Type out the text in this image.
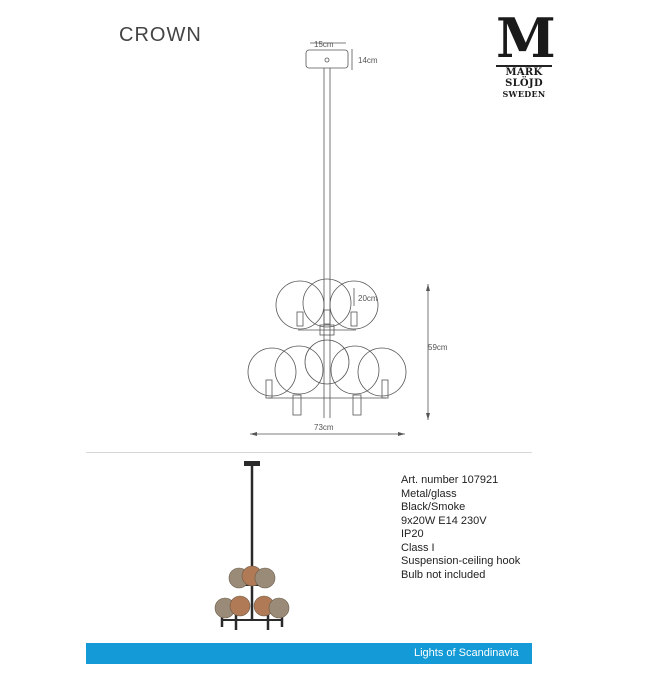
CROWN	M
MARK
SLÖJD
SWEDEN
15cm
14cm
20cm
59cm
73cm
Art. number 107921
Metal/glass
Black/Smoke
9x20W E14 230V
IP20
Class I
Suspension-ceiling hook
Bulb not included
Lights of Scandinavia
